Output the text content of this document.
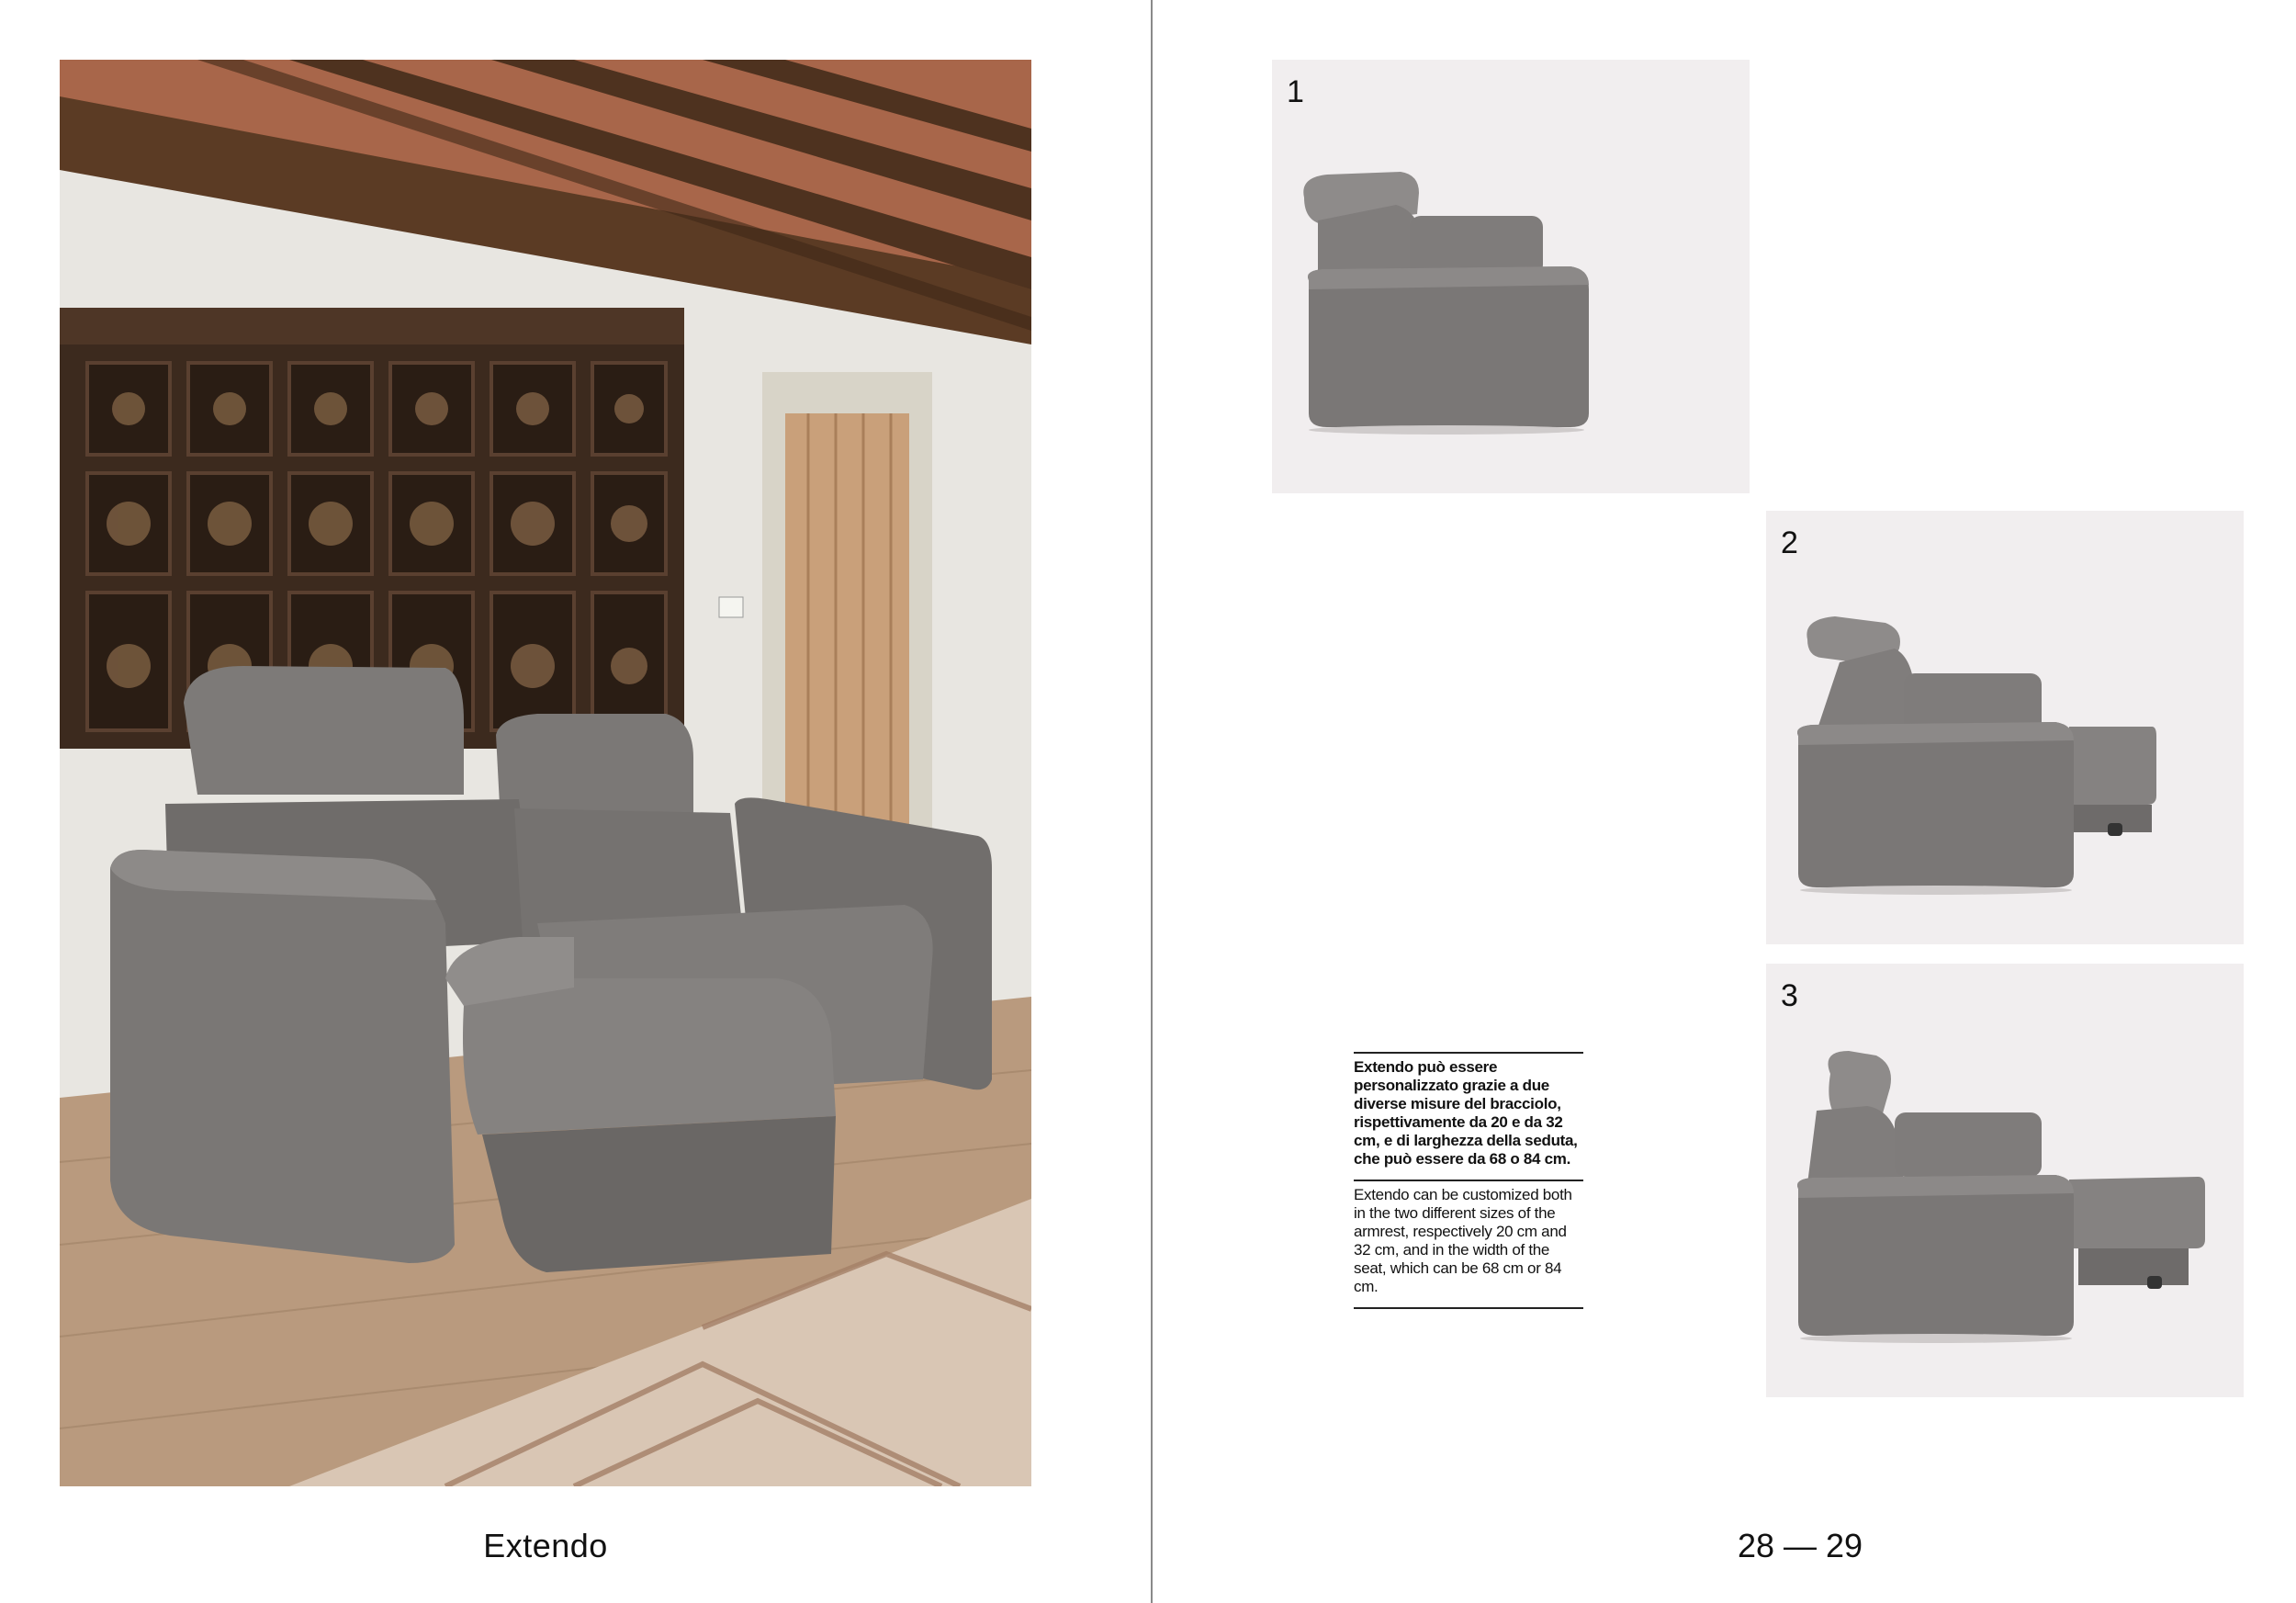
Extendo
1
2
3
Extendo può essere personalizzato grazie a due diverse misure del bracciolo, rispettivamente da 20 e da 32 cm, e di larghezza della seduta, che può essere da 68 o 84 cm.
Extendo can be customized both in the two different sizes of the armrest, respectively 20 cm and 32 cm, and in the width of the seat, which can be 68 cm or 84 cm.
28 — 29
